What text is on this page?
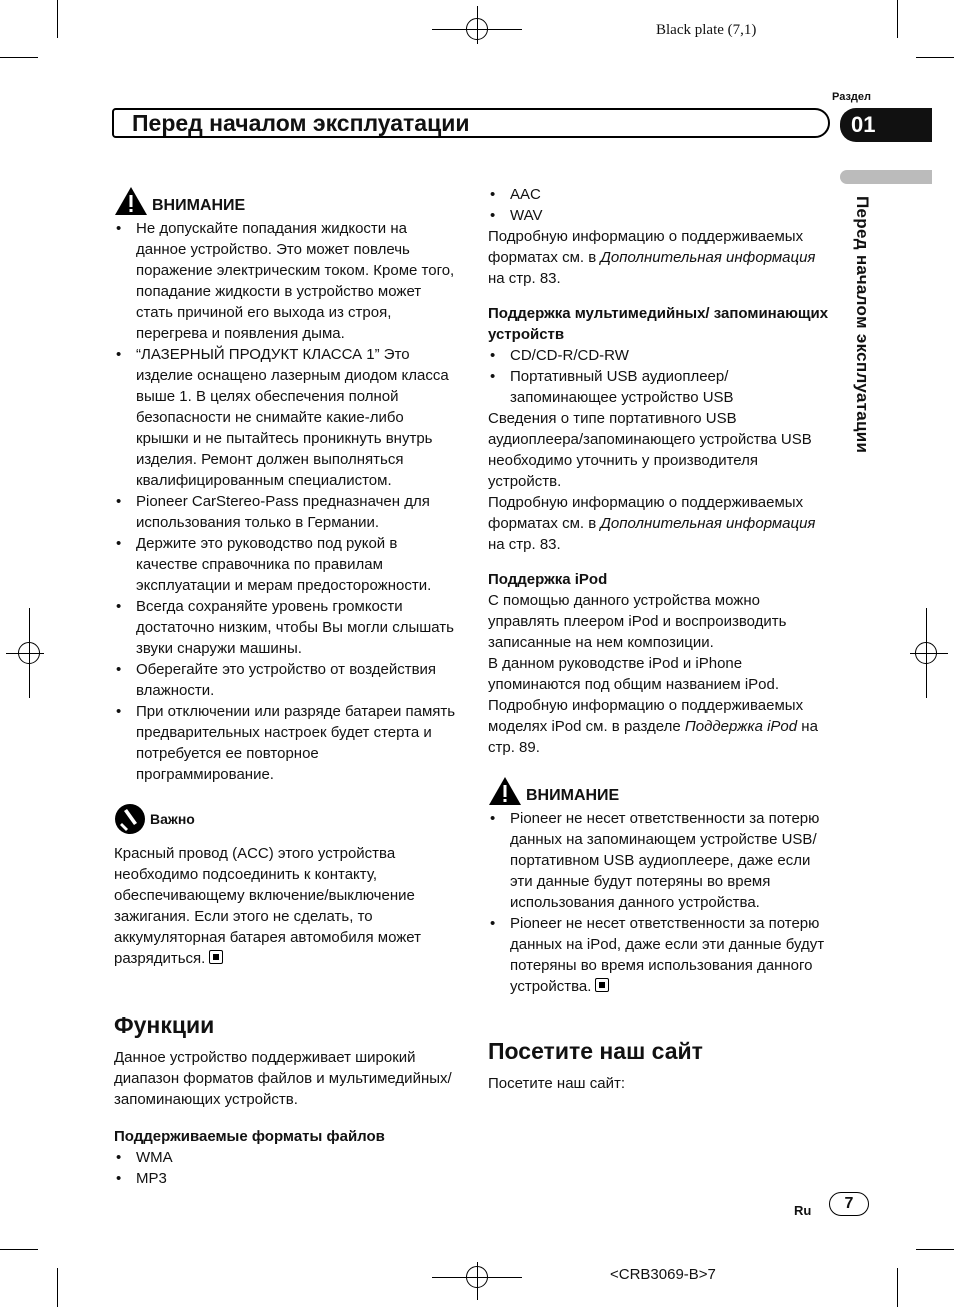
Black plate (7,1)
Раздел
Перед началом эксплуатации	01
Перед началом эксплуатации
ВНИМАНИЕ
• Не допускайте попадания жидкости на данное устройство. Это может повлечь поражение электрическим током. Кроме того, попадание жидкости в устройство может стать причиной его выхода из строя, перегрева и появления дыма.
• “ЛАЗЕРНЫЙ ПРОДУКТ КЛАССА 1” Это изделие оснащено лазерным диодом класса выше 1. В целях обеспечения полной безопасности не снимайте какие-либо крышки и не пытайтесь проникнуть внутрь изделия. Ремонт должен выполняться квалифицированным специалистом.
• Pioneer CarStereo-Pass предназначен для использования только в Германии.
• Держите это руководство под рукой в качестве справочника по правилам эксплуатации и мерам предосторожности.
• Всегда сохраняйте уровень громкости достаточно низким, чтобы Вы могли слышать звуки снаружи машины.
• Оберегайте это устройство от воздействия влажности.
• При отключении или разряде батареи память предварительных настроек будет стерта и потребуется ее повторное программирование.
Важно

Красный провод (ACC) этого устройства необходимо подсоединить к контакту, обеспечивающему включение/выключение зажигания. Если этого не сделать, то аккумуляторная батарея автомобиля может разрядиться.

Функции

Данное устройство поддерживает широкий диапазон форматов файлов и мультимедийных/запоминающих устройств.

Поддерживаемые форматы файлов

• WMA
• MP3
• AAC
• WAV

Подробную информацию о поддерживаемых форматах см. в Дополнительная информация на стр. 83.

Поддержка мультимедийных/ запоминающих устройств

• CD/CD-R/CD-RW
• Портативный USB аудиоплеер/запоминающее устройство USB

Сведения о типе портативного USB аудиоплеера/запоминающего устройства USB необходимо уточнить у производителя устройств.

Подробную информацию о поддерживаемых форматах см. в Дополнительная информация на стр. 83.

Поддержка iPod

С помощью данного устройства можно управлять плеером iPod и воспроизводить записанные на нем композиции.

В данном руководстве iPod и iPhone упоминаются под общим названием iPod.

Подробную информацию о поддерживаемых моделях iPod см. в разделе Поддержка iPod на стр. 89.

ВНИМАНИЕ
• Pioneer не несет ответственности за потерю данных на запоминающем устройстве USB/портативном USB аудиоплеере, даже если эти данные будут потеряны во время использования данного устройства.
• Pioneer не несет ответственности за потерю данных на iPod, даже если эти данные будут потеряны во время использования данного устройства.
Посетите наш сайт

Посетите наш сайт:

Ru	7
<CRB3069-B>7
